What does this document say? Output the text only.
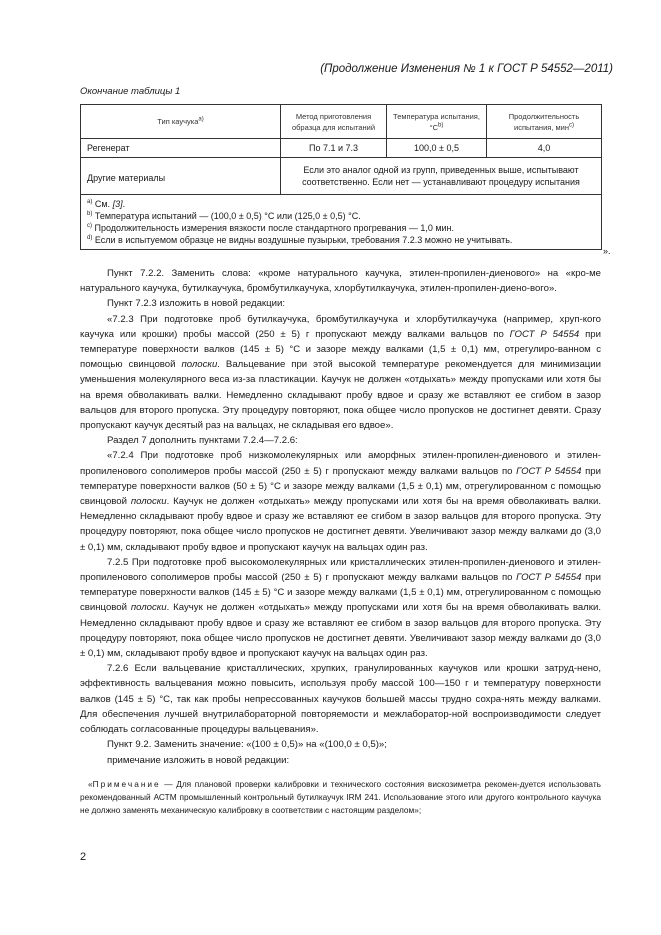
(Продолжение Изменения № 1 к ГОСТ Р 54552—2011)
Окончание таблицы 1
Тип каучука$^{a)}$	Метод приготовления образца для испытаний	Температура испытания, $^\circ С^{b)}$	Продолжительность испытания, мин$^{c)}$
Регенерат	По 7.1 и 7.3	100,0 ± 0,5	4,0
Другие материалы	Если это аналог одной из групп, приведенных выше, испытывают соответственно. Если нет — устанавливают процедуру испытания		

$^{a)}$ См. [3].
$^{b)}$ Температура испытаний — (100,0 ± 0,5) °С или (125,0 ± 0,5) °С.
$^{c)}$ Продолжительность измерения вязкости после стандартного прогревания — 1,0 мин.
$^{d)}$ Если в испытуемом образце не видны воздушные пузырьки, требования 7.2.3 можно не учитывать.			
».

Пункт 7.2.2. Заменить слова: «кроме натурального каучука, этилен-пропилен-диенового» на «кро-ме натурального каучука, бутилкаучука, бромбутилкаучука, хлорбутилкаучука, этилен-пропилен-диено-вого».

Пункт 7.2.3 изложить в новой редакции:

«7.2.3 При подготовке проб бутилкаучука, бромбутилкаучука и хлорбутилкаучука (например, хруп-кого каучука или крошки) пробы массой (250 ± 5) г пропускают между валками вальцов по ГОСТ Р 54554 при температуре поверхности валков (145 ± 5) °С и зазоре между валками (1,5 ± 0,1) мм, отрегулиро-ванном с помощью свинцовой полоски. Вальцевание при этой высокой температуре рекомендуется для минимизации уменьшения молекулярного веса из-за пластикации. Каучук не должен «отдыхать» между пропусками или хотя бы на время обволакивать валки. Немедленно складывают пробу вдвое и сразу же вставляют ее сгибом в зазор вальцов для второго пропуска. Эту процедуру повторяют, пока общее число пропусков не достигнет девяти. Сразу пропускают каучук десятый раз на вальцах, не складывая его вдвое».

Раздел 7 дополнить пунктами 7.2.4—7.2.6:

«7.2.4 При подготовке проб низкомолекулярных или аморфных этилен-пропилен-диенового и этилен-пропиленового сополимеров пробы массой (250 ± 5) г пропускают между валками вальцов по ГОСТ Р 54554 при температуре поверхности валков (50 ± 5) °С и зазоре между валками (1,5 ± 0,1) мм, отрегулированном с помощью свинцовой полоски. Каучук не должен «отдыхать» между пропусками или хотя бы на время обволакивать валки. Немедленно складывают пробу вдвое и сразу же вставляют ее сгибом в зазор вальцов для второго пропуска. Эту процедуру повторяют, пока общее число пропусков не достигнет девяти. Увеличивают зазор между валками до (3,0 ± 0,1) мм, складывают пробу вдвое и пропускают каучук на вальцах один раз.

7.2.5 При подготовке проб высокомолекулярных или кристаллических этилен-пропилен-диенового и этилен-пропиленового сополимеров пробы массой (250 ± 5) г пропускают между валками вальцов по ГОСТ Р 54554 при температуре поверхности валков (145 ± 5) °С и зазоре между валками (1,5 ± 0,1) мм, отрегулированном с помощью свинцовой полоски. Каучук не должен «отдыхать» между пропусками или хотя бы на время обволакивать валки. Немедленно складывают пробу вдвое и сразу же вставляют ее сгибом в зазор вальцов для второго пропуска. Эту процедуру повторяют, пока общее число пропусков не достигнет девяти. Увеличивают зазор между валками до (3,0 ± 0,1) мм, складывают пробу вдвое и пропускают каучук на вальцах один раз.

7.2.6 Если вальцевание кристаллических, хрупких, гранулированных каучуков или крошки затруд-нено, эффективность вальцевания можно повысить, используя пробу массой 100—150 г и температуру поверхности валков (145 ± 5) °С, так как пробы непрессованных каучуков большей массы трудно сохра-нять между валками. Для обеспечения лучшей внутрилабораторной повторяемости и межлаборатор-ной воспроизводимости следует соблюдать согласованные процедуры вальцевания».

Пункт 9.2. Заменить значение: «(100 ± 0,5)» на «(100,0 ± 0,5)»;

примечание изложить в новой редакции:

«Примечание — Для плановой проверки калибровки и технического состояния вискозиметра рекомен-дуется использовать рекомендованный АСТМ промышленный контрольный бутилкаучук IRM 241. Использование этого или другого контрольного каучука не должно заменять механическую калибровку в соответствии с настоящим разделом»;
2
